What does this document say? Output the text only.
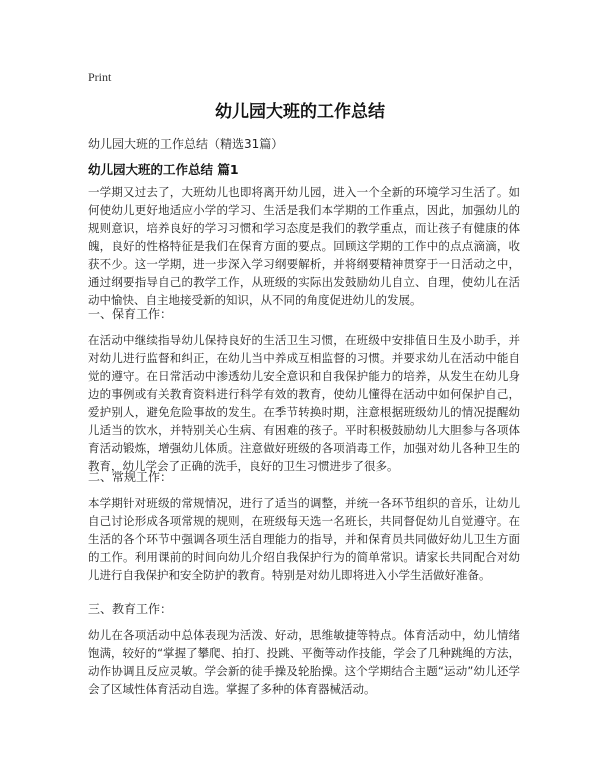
Print
幼儿园大班的工作总结
幼儿园大班的工作总结（精选31篇）
幼儿园大班的工作总结 篇1

一学期又过去了，大班幼儿也即将离开幼儿园，进入一个全新的环境学习生活了。如何使幼儿更好地适应小学的学习、生活是我们本学期的工作重点，因此，加强幼儿的规则意识，培养良好的学习习惯和学习态度是我们的教学重点，而让孩子有健康的体魄，良好的性格特征是我们在保育方面的要点。回顾这学期的工作中的点点滴滴，收获不少。这一学期，进一步深入学习纲要解析，并将纲要精神贯穿于一日活动之中，通过纲要指导自己的教学工作，从班级的实际出发鼓励幼儿自立、自理，使幼儿在活动中愉快、自主地接受新的知识，从不同的角度促进幼儿的发展。

一、保育工作：

在活动中继续指导幼儿保持良好的生活卫生习惯，在班级中安排值日生及小助手，并对幼儿进行监督和纠正，在幼儿当中养成互相监督的习惯。并要求幼儿在活动中能自觉的遵守。在日常活动中渗透幼儿安全意识和自我保护能力的培养，从发生在幼儿身边的事例或有关教育资料进行科学有效的教育，使幼儿懂得在活动中如何保护自己，爱护别人，避免危险事故的发生。在季节转换时期，注意根据班级幼儿的情况提醒幼儿适当的饮水，并特别关心生病、有困难的孩子。平时积极鼓励幼儿大胆参与各项体育活动锻炼，增强幼儿体质。注意做好班级的各项消毒工作，加强对幼儿各种卫生的教育，幼儿学会了正确的洗手，良好的卫生习惯进步了很多。

二、常规工作：

本学期针对班级的常规情况，进行了适当的调整，并统一各环节组织的音乐，让幼儿自己讨论形成各项常规的规则，在班级每天选一名班长，共同督促幼儿自觉遵守。在生活的各个环节中强调各项生活自理能力的指导，并和保育员共同做好幼儿卫生方面的工作。利用课前的时间向幼儿介绍自我保护行为的简单常识。请家长共同配合对幼儿进行自我保护和安全防护的教育。特别是对幼儿即将进入小学生活做好准备。

三、教育工作：

幼儿在各项活动中总体表现为活泼、好动，思维敏捷等特点。体育活动中，幼儿情绪饱满，较好的“掌握了攀爬、拍打、投跳、平衡等动作技能，学会了几种跳绳的方法，动作协调且反应灵敏。学会新的徒手操及轮胎操。这个学期结合主题“运动”幼儿还学会了区域性体育活动自选。掌握了多种的体育器械活动。
